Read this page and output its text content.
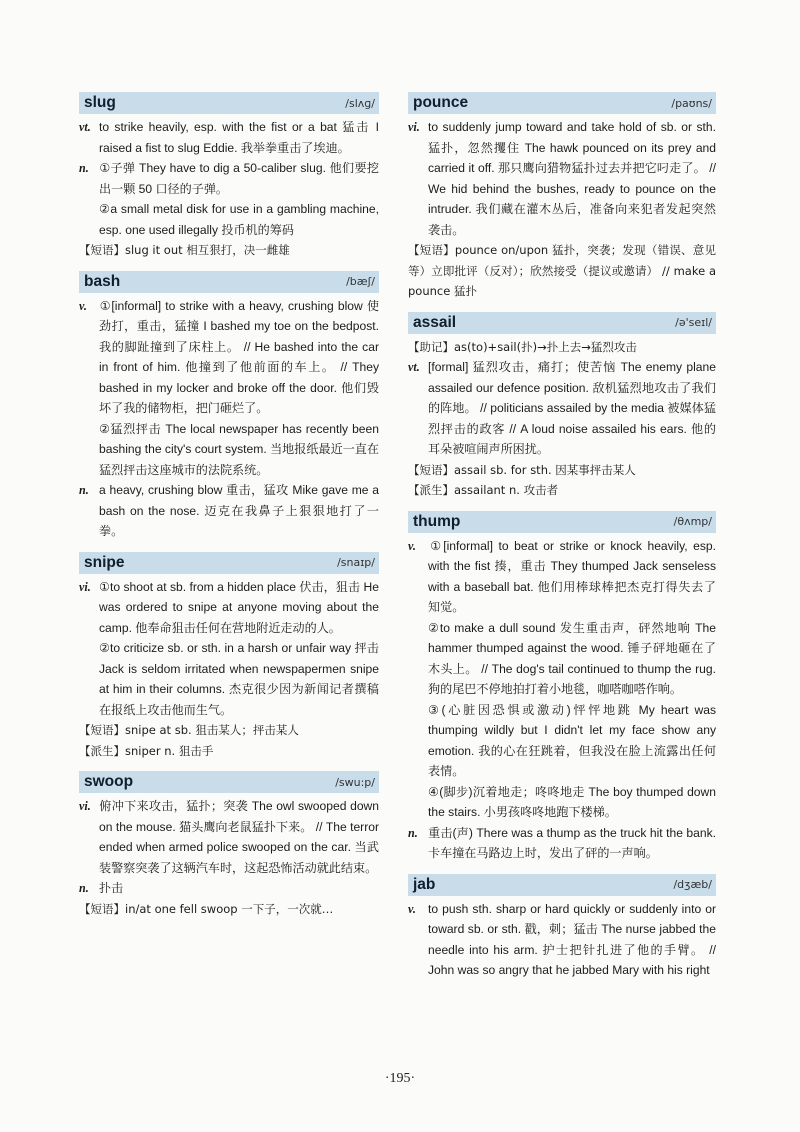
slug	/slʌɡ/
vt. to strike heavily, esp. with the fist or a bat 猛击 I raised a fist to slug Eddie. 我举拳重击了埃迪。
n. ①子弹 They have to dig a 50-caliber slug. 他们要挖出一颗 50 口径的子弹。
②a small metal disk for use in a gambling machine, esp. one used illegally 投币机的筹码
【短语】slug it out 相互狠打，决一雌雄
bash	/bæʃ/
v. ①[informal] to strike with a heavy, crushing blow 使劲打，重击，猛撞 I bashed my toe on the bedpost. 我的脚趾撞到了床柱上。 // He bashed into the car in front of him. 他撞到了他前面的车上。 // They bashed in my locker and broke off the door. 他们毁坏了我的储物柜，把门砸烂了。
②猛烈抨击 The local newspaper has recently been bashing the city's court system. 当地报纸最近一直在猛烈抨击这座城市的法院系统。
n. a heavy, crushing blow 重击，猛攻 Mike gave me a bash on the nose. 迈克在我鼻子上狠狠地打了一拳。
snipe	/snaɪp/
vi. ①to shoot at sb. from a hidden place 伏击，狙击 He was ordered to snipe at anyone moving about the camp. 他奉命狙击任何在营地附近走动的人。
②to criticize sb. or sth. in a harsh or unfair way 抨击 Jack is seldom irritated when newspapermen snipe at him in their columns. 杰克很少因为新闻记者撰稿在报纸上攻击他而生气。
【短语】snipe at sb. 狙击某人；抨击某人
【派生】sniper n. 狙击手
swoop	/swu:p/
vi. 俯冲下来攻击，猛扑；突袭 The owl swooped down on the mouse. 猫头鹰向老鼠猛扑下来。 // The terror ended when armed police swooped on the car. 当武装警察突袭了这辆汽车时，这起恐怖活动就此结束。
n. 扑击
【短语】in/at one fell swoop 一下子，一次就…
pounce	/paʊns/
vi. to suddenly jump toward and take hold of sb. or sth. 猛扑，忽然攫住 The hawk pounced on its prey and carried it off. 那只鹰向猎物猛扑过去并把它叼走了。 // We hid behind the bushes, ready to pounce on the intruder. 我们藏在灌木丛后，准备向来犯者发起突然袭击。
【短语】pounce on/upon 猛扑，突袭；发现（错误、意见等）立即批评（反对）；欣然接受（提议或邀请） // make a pounce 猛扑
assail	/ə'seɪl/
【助记】as(to)+sail(扑)→扑上去→猛烈攻击
vt. [formal] 猛烈攻击，痛打；使苦恼 The enemy plane assailed our defence position. 敌机猛烈地攻击了我们的阵地。 // politicians assailed by the media 被媒体猛烈抨击的政客 // A loud noise assailed his ears. 他的耳朵被喧闹声所困扰。
【短语】assail sb. for sth. 因某事抨击某人
【派生】assailant n. 攻击者
thump	/θʌmp/
v. ①[informal] to beat or strike or knock heavily, esp. with the fist 揍，重击 They thumped Jack senseless with a baseball bat. 他们用棒球棒把杰克打得失去了知觉。
②to make a dull sound 发生重击声，砰然地响 The hammer thumped against the wood. 锤子砰地砸在了木头上。 // The dog's tail continued to thump the rug. 狗的尾巴不停地拍打着小地毯，咖嗒咖嗒作响。
③(心脏因恐惧或激动)怦怦地跳 My heart was thumping wildly but I didn't let my face show any emotion. 我的心在狂跳着，但我没在脸上流露出任何表情。
④(脚步)沉着地走；咚咚地走 The boy thumped down the stairs. 小男孩咚咚地跑下楼梯。
n. 重击(声) There was a thump as the truck hit the bank. 卡车撞在马路边上时，发出了砰的一声响。
jab	/dʒæb/
v. to push sth. sharp or hard quickly or suddenly into or toward sb. or sth. 戳，刺；猛击 The nurse jabbed the needle into his arm. 护士把针扎进了他的手臂。 // John was so angry that he jabbed Mary with his right
·195·
